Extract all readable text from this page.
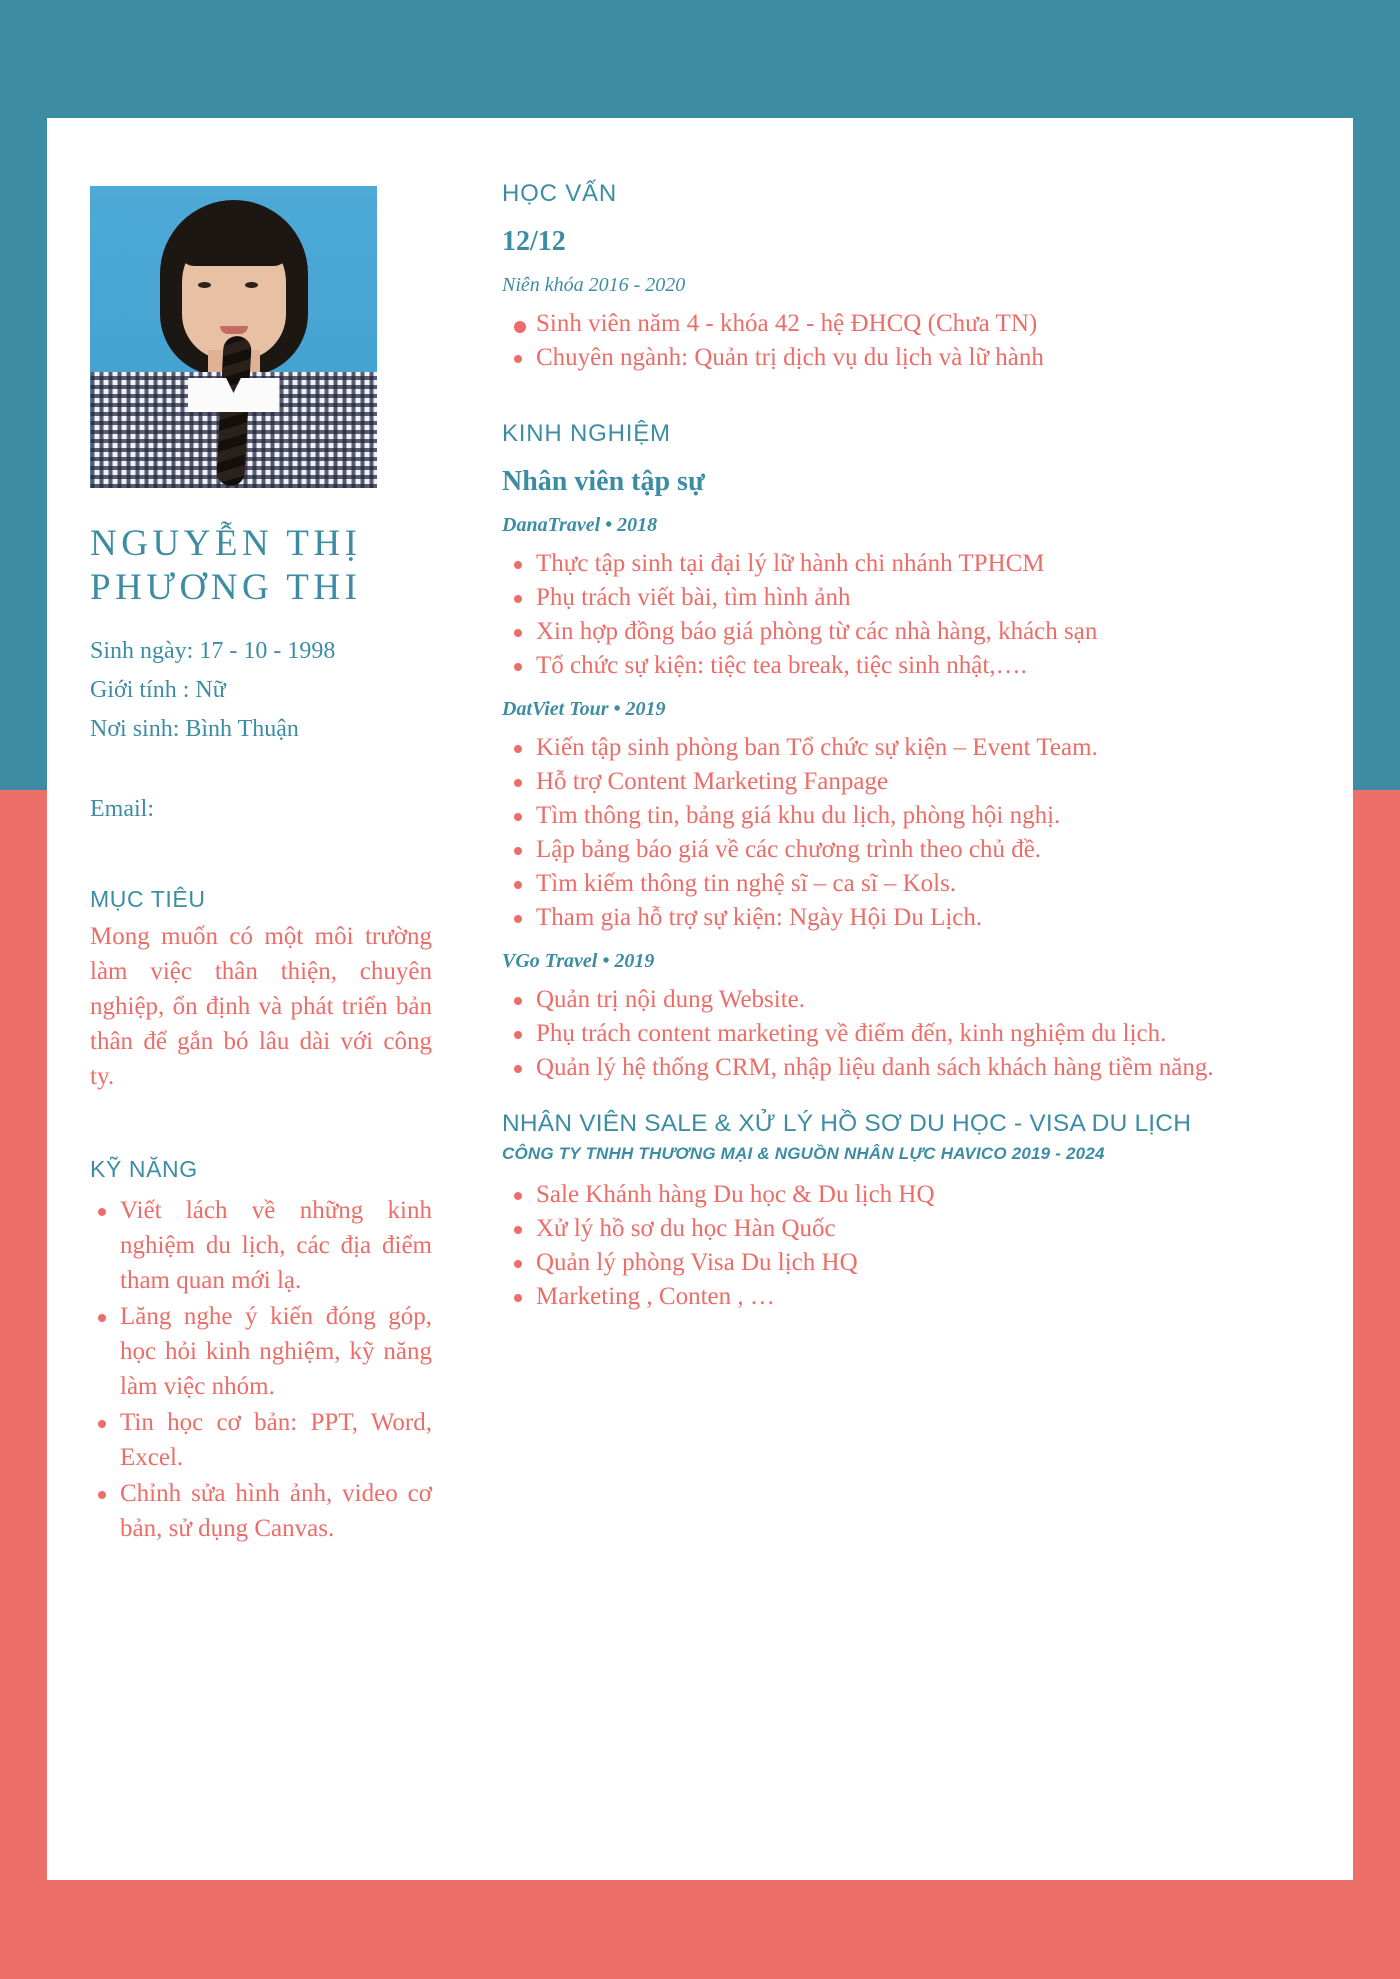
NGUYỄN THỊ
PHƯƠNG THI
Sinh ngày: 17 - 10 - 1998
Giới tính : Nữ
Nơi sinh: Bình Thuận
Email:
MỤC TIÊU

Mong muốn có một môi trường làm việc thân thiện, chuyên nghiệp, ổn định và phát triển bản thân để gắn bó lâu dài với công ty.

KỸ NĂNG
Viết lách về những kinh nghiệm du lịch, các địa điểm tham quan mới lạ.
Lăng nghe ý kiến đóng góp, học hỏi kinh nghiệm, kỹ năng làm việc nhóm.
Tin học cơ bản: PPT, Word, Excel.
Chỉnh sửa hình ảnh, video cơ bản, sử dụng Canvas.
HỌC VẤN
12/12
Niên khóa 2016 - 2020
Sinh viên năm 4 - khóa 42 - hệ ĐHCQ (Chưa TN)
Chuyên ngành: Quản trị dịch vụ du lịch và lữ hành
KINH NGHIỆM
Nhân viên tập sự
DanaTravel • 2018
Thực tập sinh tại đại lý lữ hành chi nhánh TPHCM
Phụ trách viết bài, tìm hình ảnh
Xin hợp đồng báo giá phòng từ các nhà hàng, khách sạn
Tổ chức sự kiện: tiệc tea break, tiệc sinh nhật,….
DatViet Tour • 2019
Kiến tập sinh phòng ban Tổ chức sự kiện – Event Team.
Hỗ trợ Content Marketing Fanpage
Tìm thông tin, bảng giá khu du lịch, phòng hội nghị.
Lập bảng báo giá về các chương trình theo chủ đề.
Tìm kiếm thông tin nghệ sĩ – ca sĩ – Kols.
Tham gia hỗ trợ sự kiện: Ngày Hội Du Lịch.
VGo Travel • 2019
Quản trị nội dung Website.
Phụ trách content marketing về điểm đến, kinh nghiệm du lịch.
Quản lý hệ thống CRM, nhập liệu danh sách khách hàng tiềm năng.
NHÂN VIÊN SALE & XỬ LÝ HỒ SƠ DU HỌC - VISA DU LỊCH
CÔNG TY TNHH THƯƠNG MẠI & NGUỒN NHÂN LỰC HAVICO 2019 - 2024
Sale Khánh hàng Du học & Du lịch HQ
Xử lý hồ sơ du học Hàn Quốc
Quản lý phòng Visa Du lịch HQ
Marketing , Conten , …
